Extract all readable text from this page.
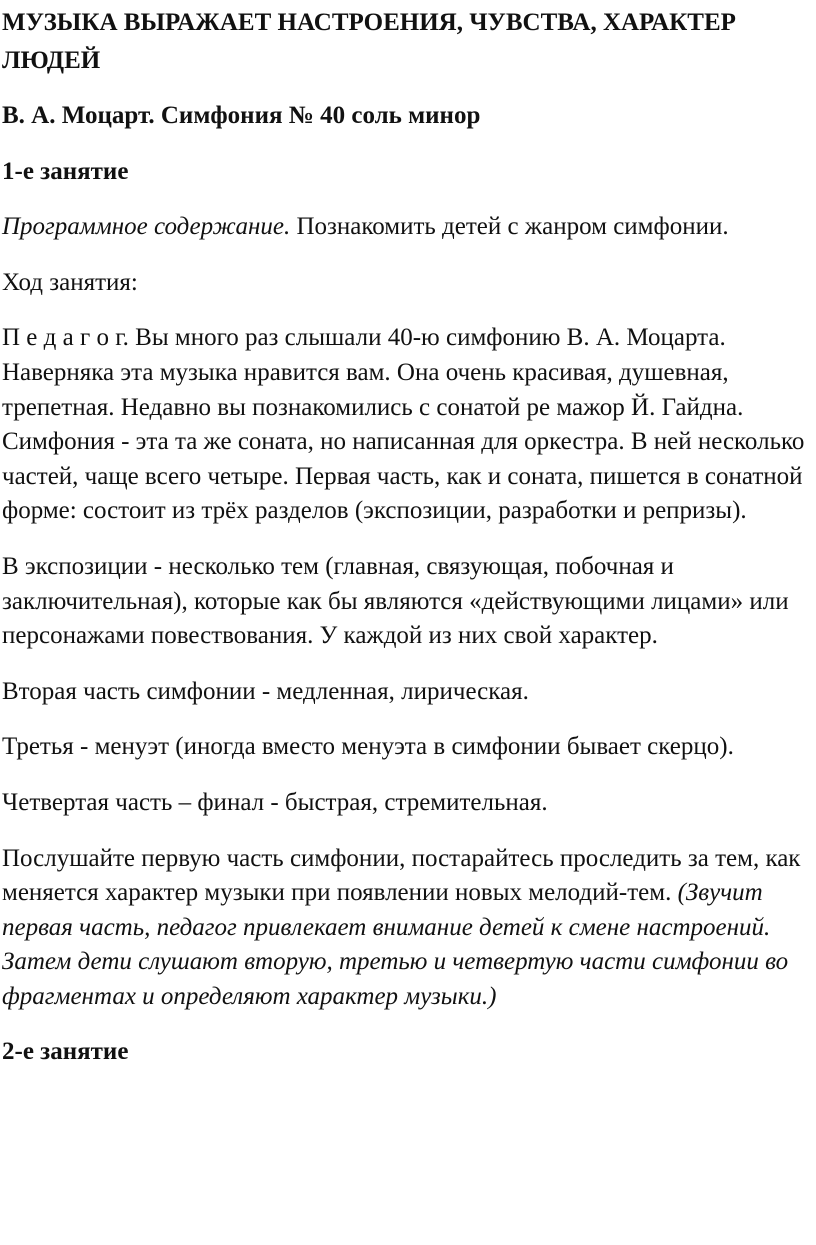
МУЗЫКА ВЫРАЖАЕТ НАСТРОЕНИЯ, ЧУВСТВА, ХАРАКТЕР ЛЮДЕЙ

В. А. Моцарт. Симфония № 40 соль минор

1-е занятие

Программное содержание. Познакомить детей с жанром симфонии.

Ход занятия:

П е д а г о г. Вы много раз слышали 40-ю симфонию В. А. Моцарта. Наверняка эта музыка нравится вам. Она очень красивая, душевная, трепетная. Недавно вы познакомились с сонатой ре мажор Й. Гайдна. Симфония - эта та же соната, но написанная для оркестра. В ней несколько частей, чаще всего четыре. Первая часть, как и соната, пишется в сонатной форме: состоит из трёх разделов (экспозиции, разработки и репризы).

В экспозиции - несколько тем (главная, связующая, побочная и заключительная), которые как бы являются «действующими лицами» или персонажами повествования. У каждой из них свой характер.

Вторая часть симфонии - медленная, лирическая.

Третья - менуэт (иногда вместо менуэта в симфонии бывает скерцо).

Четвертая часть – финал - быстрая, стремительная.

Послушайте первую часть симфонии, постарайтесь проследить за тем, как меняется характер музыки при появлении новых мелодий-тем. (Звучит первая часть, педагог привлекает внимание детей к смене настроений. Затем дети слушают вторую, третью и четвертую части симфонии во фрагментах и определяют характер музыки.)

2-е занятие
